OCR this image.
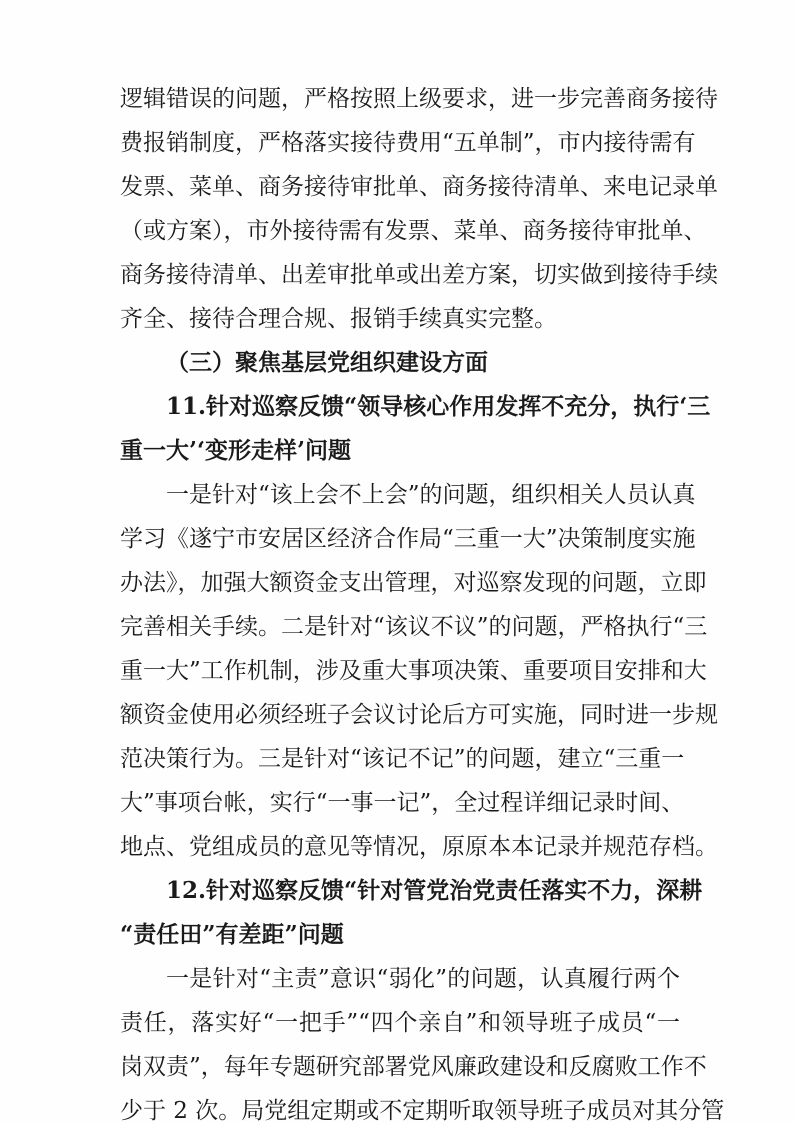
逻辑错误的问题，严格按照上级要求，进一步完善商务接待
费报销制度，严格落实接待费用“五单制”，市内接待需有
发票、菜单、商务接待审批单、商务接待清单、来电记录单
（或方案），市外接待需有发票、菜单、商务接待审批单、
商务接待清单、出差审批单或出差方案，切实做到接待手续
齐全、接待合理合规、报销手续真实完整。
（三）聚焦基层党组织建设方面
11.针对巡察反馈“领导核心作用发挥不充分，执行‘三
重一大’‘变形走样’问题
一是针对“该上会不上会”的问题，组织相关人员认真
学习《遂宁市安居区经济合作局“三重一大”决策制度实施
办法》，加强大额资金支出管理，对巡察发现的问题，立即
完善相关手续。二是针对“该议不议”的问题，严格执行“三
重一大”工作机制，涉及重大事项决策、重要项目安排和大
额资金使用必须经班子会议讨论后方可实施，同时进一步规
范决策行为。三是针对“该记不记”的问题，建立“三重一
大”事项台帐，实行“一事一记”，全过程详细记录时间、
地点、党组成员的意见等情况，原原本本记录并规范存档。
12.针对巡察反馈“针对管党治党责任落实不力，深耕
“责任田”有差距”问题
一是针对“主责”意识“弱化”的问题，认真履行两个
责任，落实好“一把手”“四个亲自”和领导班子成员“一
岗双责”，每年专题研究部署党风廉政建设和反腐败工作不
少于 2 次。局党组定期或不定期听取领导班子成员对其分管
